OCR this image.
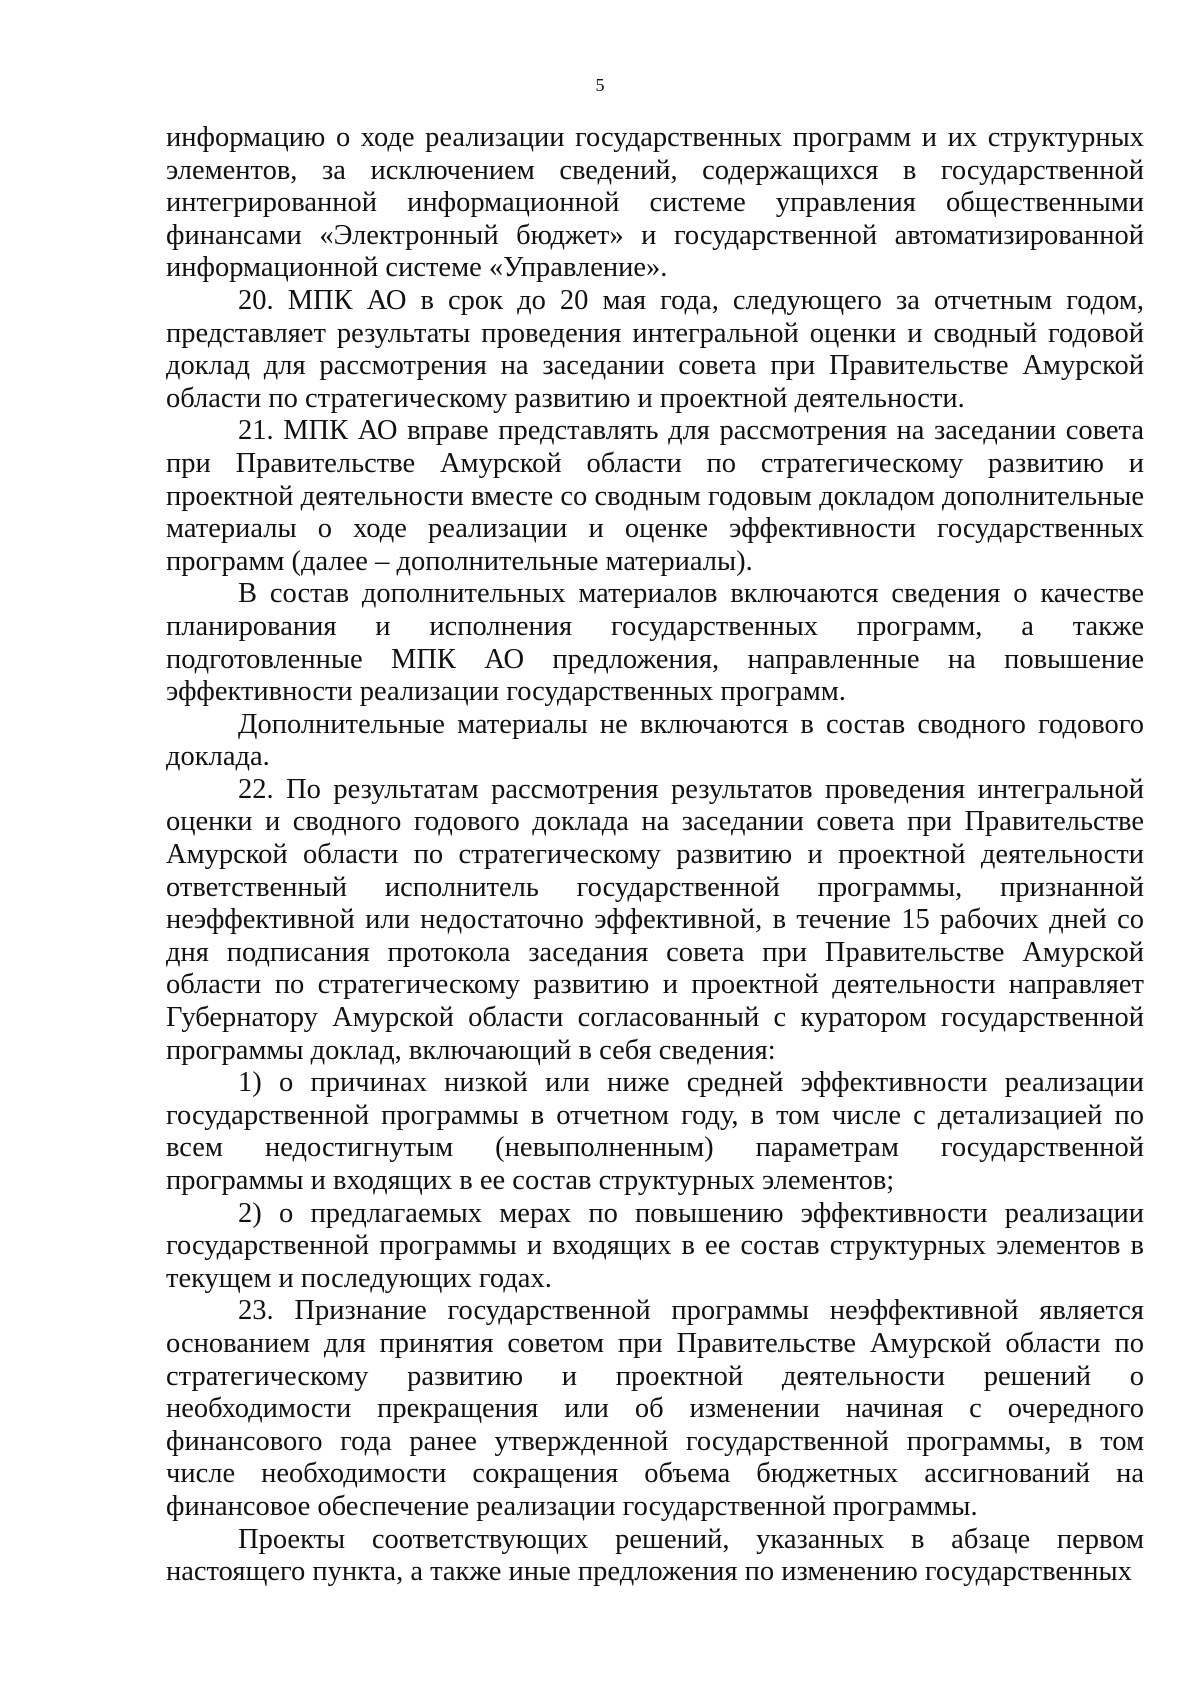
5

информацию о ходе реализации государственных программ и их структурных элементов, за исключением сведений, содержащихся в государственной интегрированной информационной системе управления общественными финансами «Электронный бюджет» и государственной автоматизированной информационной системе «Управление».

20. МПК АО в срок до 20 мая года, следующего за отчетным годом, представляет результаты проведения интегральной оценки и сводный годовой доклад для рассмотрения на заседании совета при Правительстве Амурской области по стратегическому развитию и проектной деятельности.

21. МПК АО вправе представлять для рассмотрения на заседании совета при Правительстве Амурской области по стратегическому развитию и проектной деятельности вместе со сводным годовым докладом дополнительные материалы о ходе реализации и оценке эффективности государственных программ (далее – дополнительные материалы).

В состав дополнительных материалов включаются сведения о качестве планирования и исполнения государственных программ, а также подготовленные МПК АО предложения, направленные на повышение эффективности реализации государственных программ.

Дополнительные материалы не включаются в состав сводного годового доклада.

22. По результатам рассмотрения результатов проведения интегральной оценки и сводного годового доклада на заседании совета при Правительстве Амурской области по стратегическому развитию и проектной деятельности ответственный исполнитель государственной программы, признанной неэффективной или недостаточно эффективной, в течение 15 рабочих дней со дня подписания протокола заседания совета при Правительстве Амурской области по стратегическому развитию и проектной деятельности направляет Губернатору Амурской области согласованный с куратором государственной программы доклад, включающий в себя сведения:

1) о причинах низкой или ниже средней эффективности реализации государственной программы в отчетном году, в том числе с детализацией по всем недостигнутым (невыполненным) параметрам государственной программы и входящих в ее состав структурных элементов;

2) о предлагаемых мерах по повышению эффективности реализации государственной программы и входящих в ее состав структурных элементов в текущем и последующих годах.

23. Признание государственной программы неэффективной является основанием для принятия советом при Правительстве Амурской области по стратегическому развитию и проектной деятельности решений о необходимости прекращения или об изменении начиная с очередного финансового года ранее утвержденной государственной программы, в том числе необходимости сокращения объема бюджетных ассигнований на финансовое обеспечение реализации государственной программы.

Проекты соответствующих решений, указанных в абзаце первом настоящего пункта, а также иные предложения по изменению государственных
